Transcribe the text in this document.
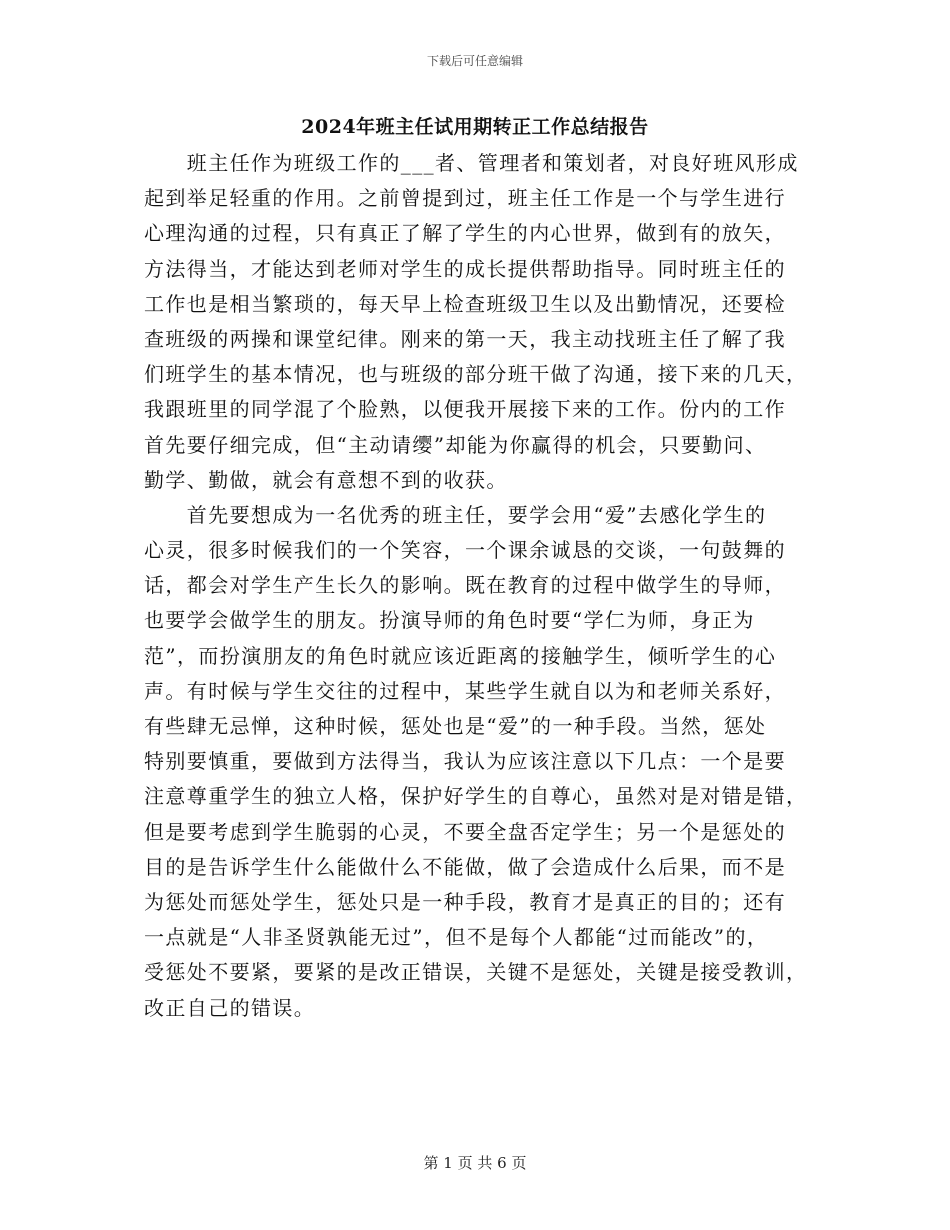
下载后可任意编辑
2024年班主任试用期转正工作总结报告
　　班主任作为班级工作的___者、管理者和策划者，对良好班风形成
起到举足轻重的作用。之前曾提到过，班主任工作是一个与学生进行
心理沟通的过程，只有真正了解了学生的内心世界，做到有的放矢，
方法得当，才能达到老师对学生的成长提供帮助指导。同时班主任的
工作也是相当繁琐的，每天早上检查班级卫生以及出勤情况，还要检
查班级的两操和课堂纪律。刚来的第一天，我主动找班主任了解了我
们班学生的基本情况，也与班级的部分班干做了沟通，接下来的几天，
我跟班里的同学混了个脸熟，以便我开展接下来的工作。份内的工作
首先要仔细完成，但“主动请缨”却能为你赢得的机会，只要勤问、
勤学、勤做，就会有意想不到的收获。
　　首先要想成为一名优秀的班主任，要学会用“爱”去感化学生的
心灵，很多时候我们的一个笑容，一个课余诚恳的交谈，一句鼓舞的
话，都会对学生产生长久的影响。既在教育的过程中做学生的导师，
也要学会做学生的朋友。扮演导师的角色时要“学仁为师，身正为
范”，而扮演朋友的角色时就应该近距离的接触学生，倾听学生的心
声。有时候与学生交往的过程中，某些学生就自以为和老师关系好，
有些肆无忌惮，这种时候，惩处也是“爱”的一种手段。当然，惩处
特别要慎重，要做到方法得当，我认为应该注意以下几点：一个是要
注意尊重学生的独立人格，保护好学生的自尊心，虽然对是对错是错，
但是要考虑到学生脆弱的心灵，不要全盘否定学生；另一个是惩处的
目的是告诉学生什么能做什么不能做，做了会造成什么后果，而不是
为惩处而惩处学生，惩处只是一种手段，教育才是真正的目的；还有
一点就是“人非圣贤孰能无过”，但不是每个人都能“过而能改”的，
受惩处不要紧，要紧的是改正错误，关键不是惩处，关键是接受教训，
改正自己的错误。
第 1 页 共 6 页
